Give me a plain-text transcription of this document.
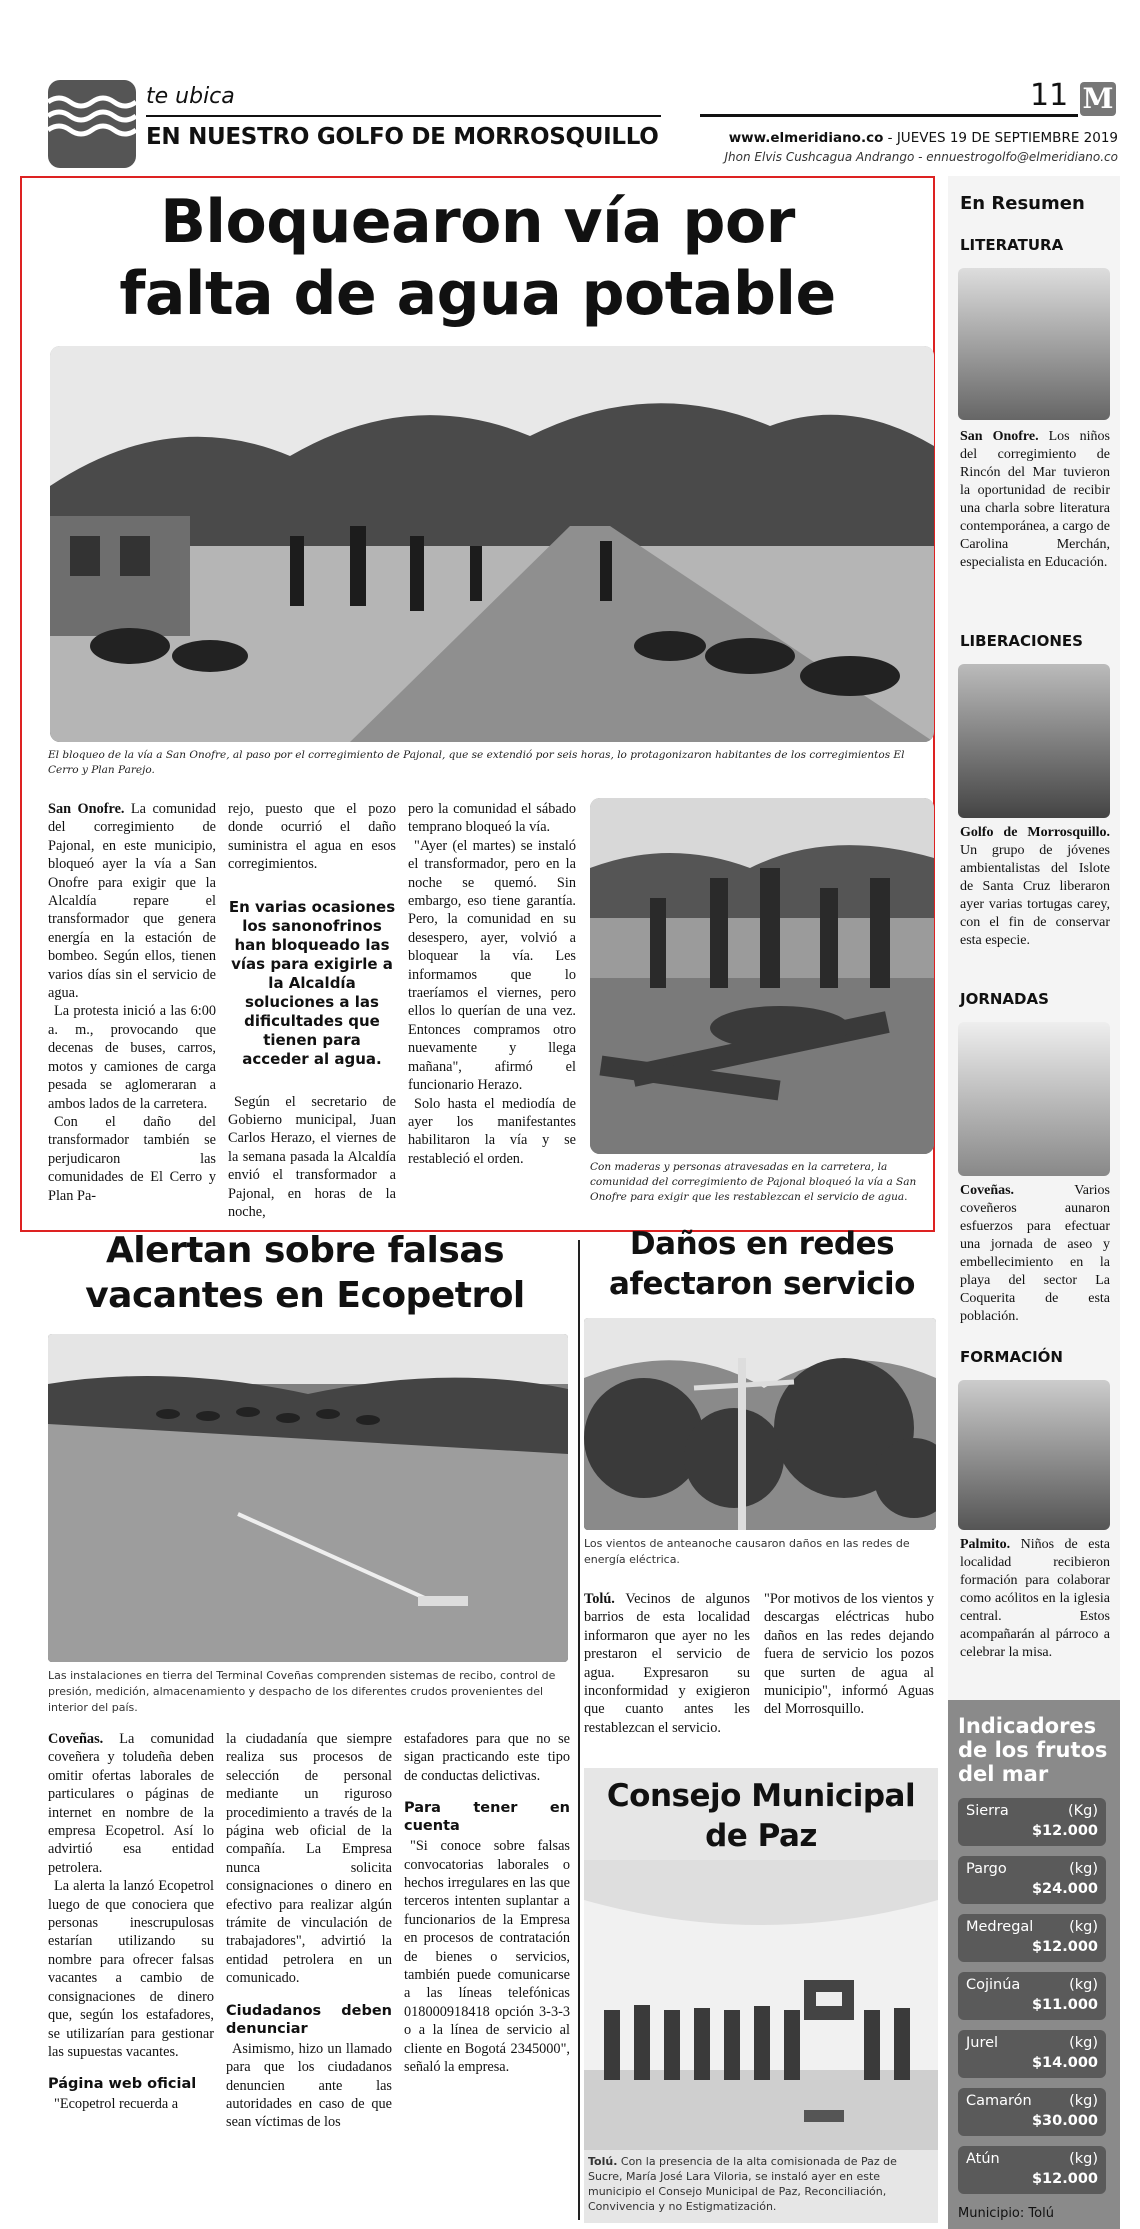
te ubica
EN NUESTRO GOLFO DE MORROSQUILLO
11 M
www.elmeridiano.co - JUEVES 19 DE SEPTIEMBRE 2019
Jhon Elvis Cushcagua Andrango - ennuestrogolfo@elmeridiano.co
Bloquearon vía por
falta de agua potable
El bloqueo de la vía a San Onofre, al paso por el corregimiento de Pajonal, que se extendió por seis horas, lo protagonizaron habitantes de los corregimientos El Cerro y Plan Parejo.

San Onofre. La comunidad del corregimiento de Pajonal, en este municipio, bloqueó ayer la vía a San Onofre para exigir que la Alcaldía repare el transformador que genera energía en la estación de bombeo. Según ellos, tienen varios días sin el servicio de agua.

La protesta inició a las 6:00 a. m., provocando que decenas de buses, carros, motos y camiones de carga pesada se aglomeraran a ambos lados de la carretera.

Con el daño del transformador también se perjudicaron las comunidades de El Cerro y Plan Pa-

rejo, puesto que el pozo donde ocurrió el daño suministra el agua en esos corregimientos.

En varias ocasiones los sanonofrinos han bloqueado las vías para exigirle a la Alcaldía soluciones a las dificultades que tienen para acceder al agua.

Según el secretario de Gobierno municipal, Juan Carlos Herazo, el viernes de la semana pasada la Alcaldía envió el transformador a Pajonal, en horas de la noche,

pero la comunidad el sábado temprano bloqueó la vía.

"Ayer (el martes) se instaló el transformador, pero en la noche se quemó. Sin embargo, eso tiene garantía. Pero, la comunidad en su desespero, ayer, volvió a bloquear la vía. Les informamos que lo traeríamos el viernes, pero ellos lo querían de una vez. Entonces compramos otro nuevamente y llega mañana", afirmó el funcionario Herazo.

Solo hasta el mediodía de ayer los manifestantes habilitaron la vía y se restableció el orden.

Con maderas y personas atravesadas en la carretera, la comunidad del corregimiento de Pajonal bloqueó la vía a San Onofre para exigir que les restablezcan el servicio de agua.
En Resumen
LITERATURA
San Onofre. Los niños del corregimiento de Rincón del Mar tuvieron la oportunidad de recibir una charla sobre literatura contemporánea, a cargo de Carolina Merchán, especialista en Educación.
LIBERACIONES
Golfo de Morrosquillo. Un grupo de jóvenes ambientalistas del Islote de Santa Cruz liberaron ayer varias tortugas carey, con el fin de conservar esta especie.
JORNADAS
Coveñas. Varios coveñeros aunaron esfuerzos para efectuar una jornada de aseo y embellecimiento en la playa del sector La Coquerita de esta población.
FORMACIÓN
Palmito. Niños de esta localidad recibieron formación para colaborar como acólitos en la iglesia central. Estos acompañarán al párroco a celebrar la misa.
Indicadores de los frutos del mar
Sierra	(Kg)
$12.000
Pargo	(kg)
$24.000
Medregal (kg)
$12.000
Cojinúa	(kg)
$11.000
Jurel	(kg)
$14.000
Camarón	(kg)
$30.000
Atún	(kg)
$12.000
Municipio: Tolú
Alertan sobre falsas
vacantes en Ecopetrol
Las instalaciones en tierra del Terminal Coveñas comprenden sistemas de recibo, control de presión, medición, almacenamiento y despacho de los diferentes crudos provenientes del interior del país.

Coveñas. La comunidad coveñera y toludeña deben omitir ofertas laborales de particulares o páginas de internet en nombre de la empresa Ecopetrol. Así lo advirtió esa entidad petrolera.

La alerta la lanzó Ecopetrol luego de que conociera que personas inescrupulosas estarían utilizando su nombre para ofrecer falsas vacantes a cambio de consignaciones de dinero que, según los estafadores, se utilizarían para gestionar las supuestas vacantes.

Página web oficial

"Ecopetrol recuerda a

la ciudadanía que siempre realiza sus procesos de selección de personal mediante un riguroso procedimiento a través de la página web oficial de la compañía. La Empresa nunca solicita consignaciones o dinero en efectivo para realizar algún trámite de vinculación de trabajadores", advirtió la entidad petrolera en un comunicado.

Ciudadanos deben denunciar

Asimismo, hizo un llamado para que los ciudadanos denuncien ante las autoridades en caso de que sean víctimas de los

estafadores para que no se sigan practicando este tipo de conductas delictivas.

Para tener en cuenta

"Si conoce sobre falsas convocatorias laborales o hechos irregulares en las que terceros intenten suplantar a funcionarios de la Empresa en procesos de contratación de bienes o servicios, también puede comunicarse a las líneas telefónicas 018000918418 opción 3-3-3 o a la línea de servicio al cliente en Bogotá 2345000", señaló la empresa.

Daños en redes
afectaron servicio
Los vientos de anteanoche causaron daños en las redes de energía eléctrica.

Tolú. Vecinos de algunos barrios de esta localidad informaron que ayer no les prestaron el servicio de agua. Expresaron su inconformidad y exigieron que cuanto antes les restablezcan el servicio.

"Por motivos de los vientos y descargas eléctricas hubo daños en las redes dejando fuera de servicio los pozos que surten de agua al municipio", informó Aguas del Morrosquillo.

Consejo Municipal
de Paz
Tolú. Con la presencia de la alta comisionada de Paz de Sucre, María José Lara Viloria, se instaló ayer en este municipio el Consejo Municipal de Paz, Reconciliación, Convivencia y no Estigmatización.
